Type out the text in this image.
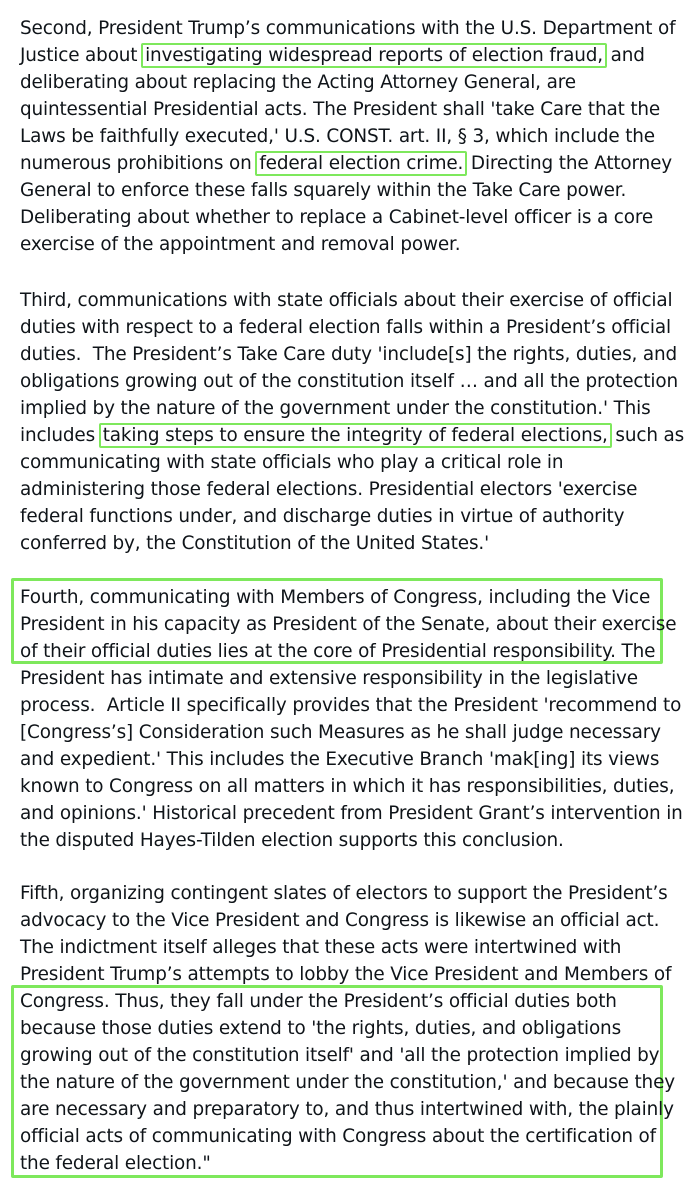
Second, President Trump’s communications with the U.S. Department of
Justice about investigating widespread reports of election fraud, and
deliberating about replacing the Acting Attorney General, are
quintessential Presidential acts. The President shall 'take Care that the
Laws be faithfully executed,' U.S. CONST. art. II, § 3, which include the
numerous prohibitions on federal election crime. Directing the Attorney
General to enforce these falls squarely within the Take Care power.
Deliberating about whether to replace a Cabinet-level officer is a core
exercise of the appointment and removal power.
Third, communications with state officials about their exercise of official
duties with respect to a federal election falls within a President’s official
duties.  The President’s Take Care duty 'include[s] the rights, duties, and
obligations growing out of the constitution itself … and all the protection
implied by the nature of the government under the constitution.' This
includes taking steps to ensure the integrity of federal elections, such as
communicating with state officials who play a critical role in
administering those federal elections. Presidential electors 'exercise
federal functions under, and discharge duties in virtue of authority
conferred by, the Constitution of the United States.'
Fourth, communicating with Members of Congress, including the Vice
President in his capacity as President of the Senate, about their exercise
of their official duties lies at the core of Presidential responsibility. The
President has intimate and extensive responsibility in the legislative
process.  Article II specifically provides that the President 'recommend to
[Congress’s] Consideration such Measures as he shall judge necessary
and expedient.' This includes the Executive Branch 'mak[ing] its views
known to Congress on all matters in which it has responsibilities, duties,
and opinions.' Historical precedent from President Grant’s intervention in
the disputed Hayes-Tilden election supports this conclusion.
Fifth, organizing contingent slates of electors to support the President’s
advocacy to the Vice President and Congress is likewise an official act.
The indictment itself alleges that these acts were intertwined with
President Trump’s attempts to lobby the Vice President and Members of
Congress. Thus, they fall under the President’s official duties both
because those duties extend to 'the rights, duties, and obligations
growing out of the constitution itself' and 'all the protection implied by
the nature of the government under the constitution,' and because they
are necessary and preparatory to, and thus intertwined with, the plainly
official acts of communicating with Congress about the certification of
the federal election."
